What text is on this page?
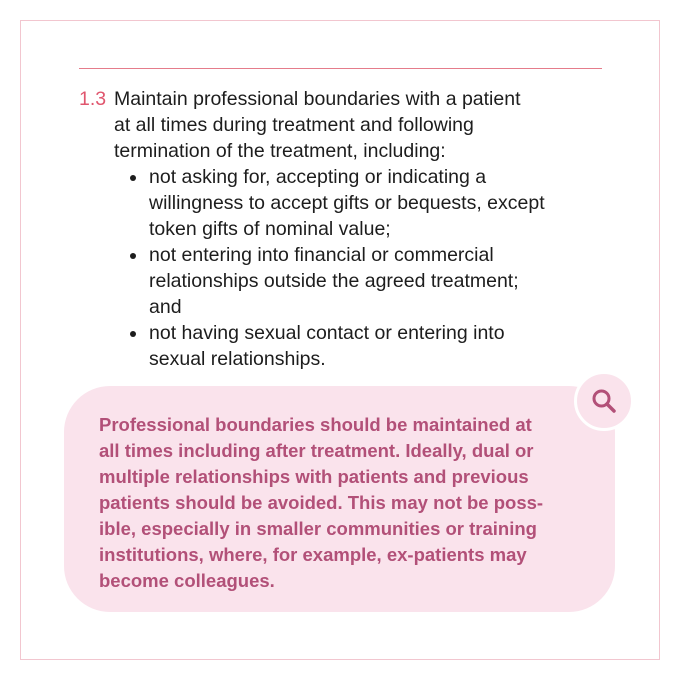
1.3 Maintain professional boundaries with a patient
at all times during treatment and following
termination of the treatment, including:
not asking for, accepting or indicating a
willingness to accept gifts or bequests, except
token gifts of nominal value;
not entering into financial or commercial
relationships outside the agreed treatment;
and
not having sexual contact or entering into
sexual relationships.

Professional boundaries should be maintained at
all times including after treatment. Ideally, dual or
multiple relationships with patients and previous
patients should be avoided. This may not be poss-
ible, especially in smaller communities or training
institutions, where, for example, ex-patients may
become colleagues.
